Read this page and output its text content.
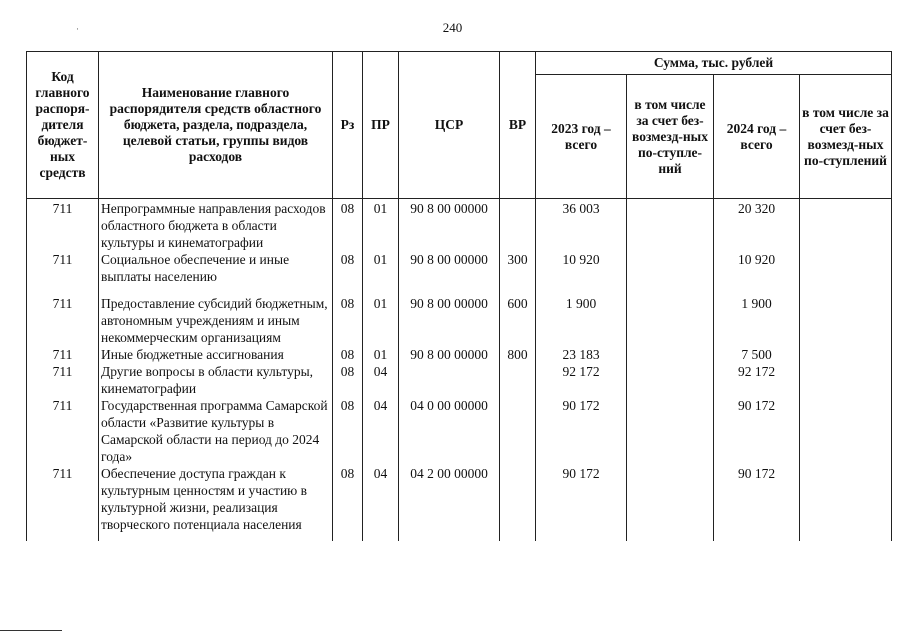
240
·
Код главного распоря-дителя бюджет-ных средств	Наименование главного распорядителя средств областного бюджета, раздела, подраздела, целевой статьи, группы видов расходов	Рз	ПР	ЦСР	ВР	Сумма, тыс. рублей			
						2023 год – всего	в том числе за счет без-возмезд-ных по-ступле-ний	2024 год – всего	в том числе за счет без-возмезд-ных по-ступлений
711	Непрограммные направления расходов областного бюджета в области культуры и кинематографии	08	01	90 8 00 00000		36 003		20 320	
711	Социальное обеспечение и иные выплаты населению	08	01	90 8 00 00000	300	10 920		10 920	
711	Предоставление субсидий бюджетным, автономным учреждениям и иным некоммерческим организациям	08	01	90 8 00 00000	600	1 900		1 900	
711	Иные бюджетные ассигнования	08	01	90 8 00 00000	800	23 183		7 500	
711	Другие вопросы в области культуры, кинематографии	08	04			92 172		92 172	
711	Государственная программа Самарской области «Развитие культуры в Самарской области на период до 2024 года»	08	04	04 0 00 00000		90 172		90 172	
711	Обеспечение доступа граждан к культурным ценностям и участию в культурной жизни, реализация творческого потенциала населения	08	04	04 2 00 00000		90 172		90 172	
